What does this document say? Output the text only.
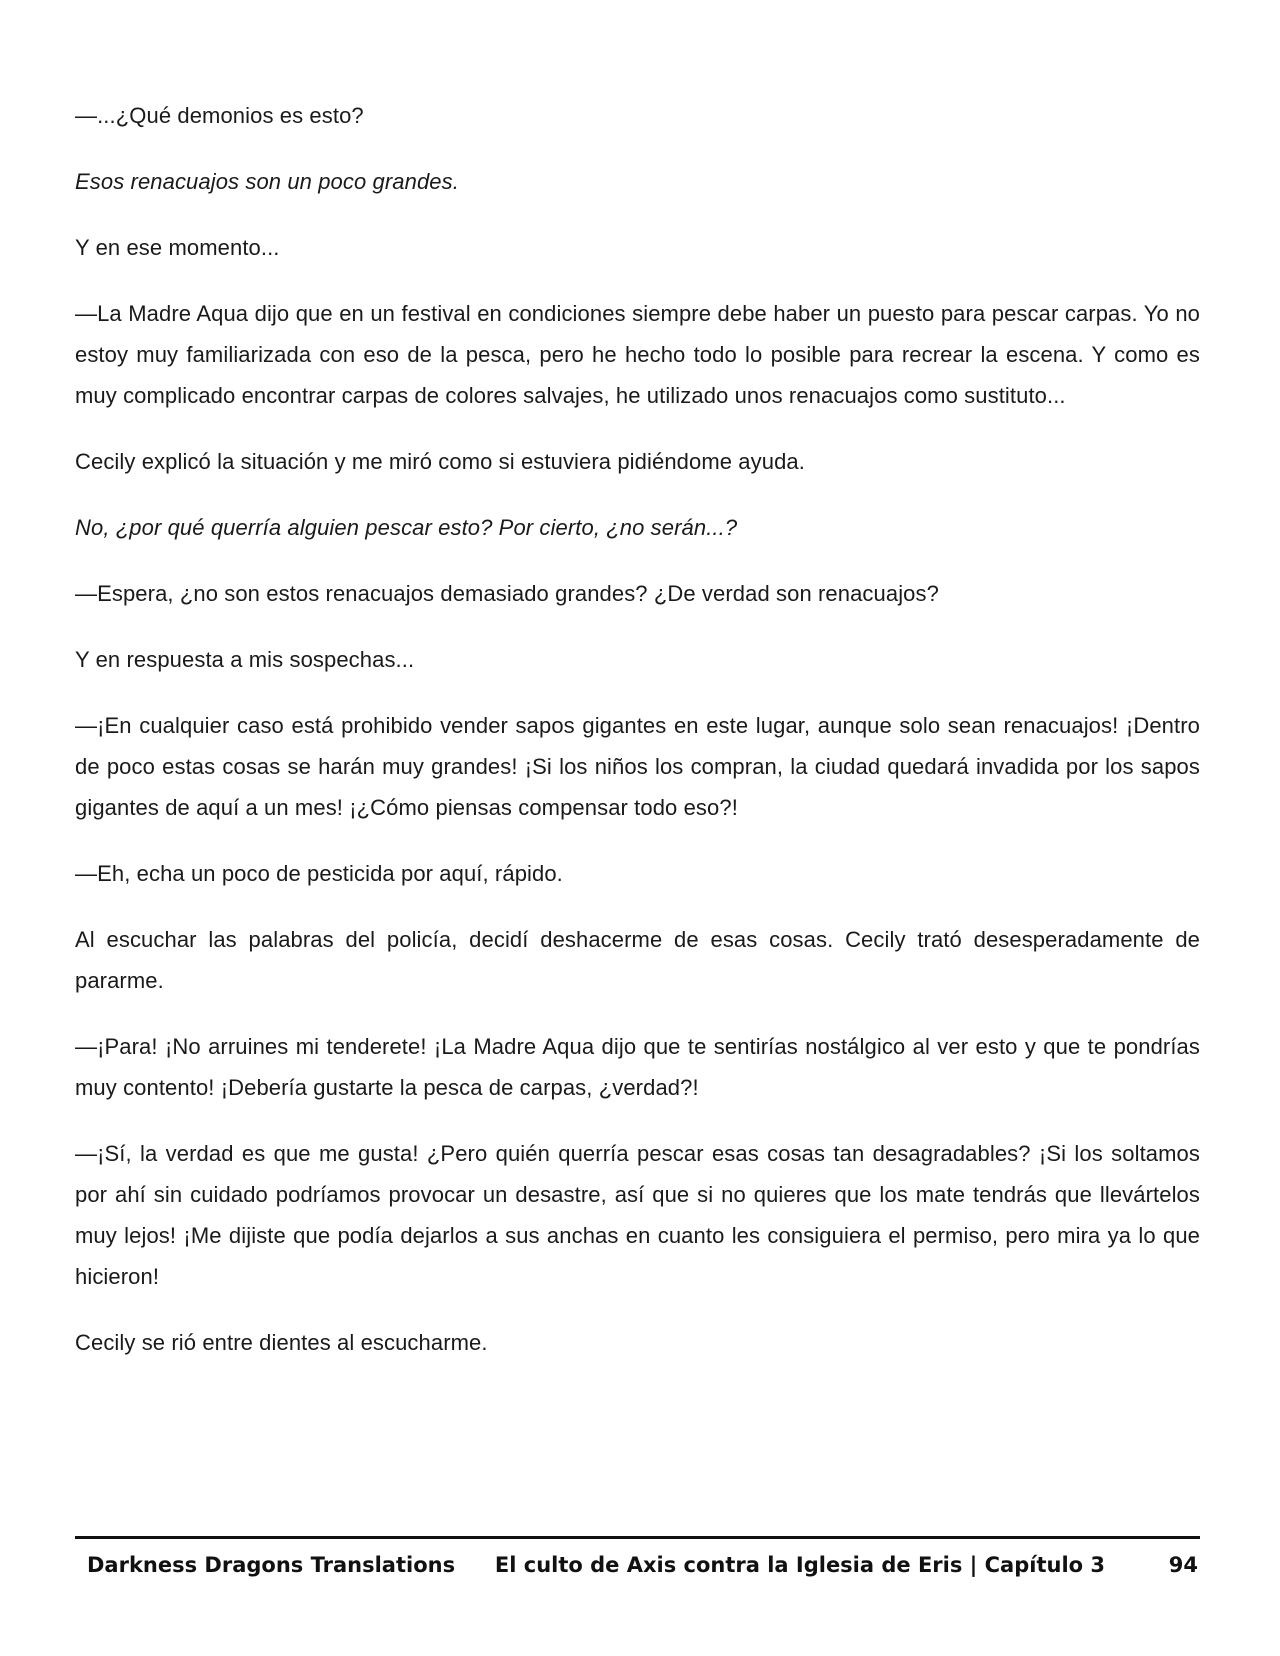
—...¿Qué demonios es esto?

Esos renacuajos son un poco grandes.

Y en ese momento...

—La Madre Aqua dijo que en un festival en condiciones siempre debe haber un puesto para pescar carpas. Yo no estoy muy familiarizada con eso de la pesca, pero he hecho todo lo posible para recrear la escena. Y como es muy complicado encontrar carpas de colores salvajes, he utilizado unos renacuajos como sustituto...

Cecily explicó la situación y me miró como si estuviera pidiéndome ayuda.

No, ¿por qué querría alguien pescar esto? Por cierto, ¿no serán...?

—Espera, ¿no son estos renacuajos demasiado grandes? ¿De verdad son renacuajos?

Y en respuesta a mis sospechas...

—¡En cualquier caso está prohibido vender sapos gigantes en este lugar, aunque solo sean renacuajos! ¡Dentro de poco estas cosas se harán muy grandes! ¡Si los niños los compran, la ciudad quedará invadida por los sapos gigantes de aquí a un mes! ¡¿Cómo piensas compensar todo eso?!

—Eh, echa un poco de pesticida por aquí, rápido.

Al escuchar las palabras del policía, decidí deshacerme de esas cosas. Cecily trató desesperadamente de pararme.

—¡Para! ¡No arruines mi tenderete! ¡La Madre Aqua dijo que te sentirías nostálgico al ver esto y que te pondrías muy contento! ¡Debería gustarte la pesca de carpas, ¿verdad?!

—¡Sí, la verdad es que me gusta! ¿Pero quién querría pescar esas cosas tan desagradables? ¡Si los soltamos por ahí sin cuidado podríamos provocar un desastre, así que si no quieres que los mate tendrás que llevártelos muy lejos! ¡Me dijiste que podía dejarlos a sus anchas en cuanto les consiguiera el permiso, pero mira ya lo que hicieron!

Cecily se rió entre dientes al escucharme.

Darkness Dragons Translations El culto de Axis contra la Iglesia de Eris | Capítulo 3	94
